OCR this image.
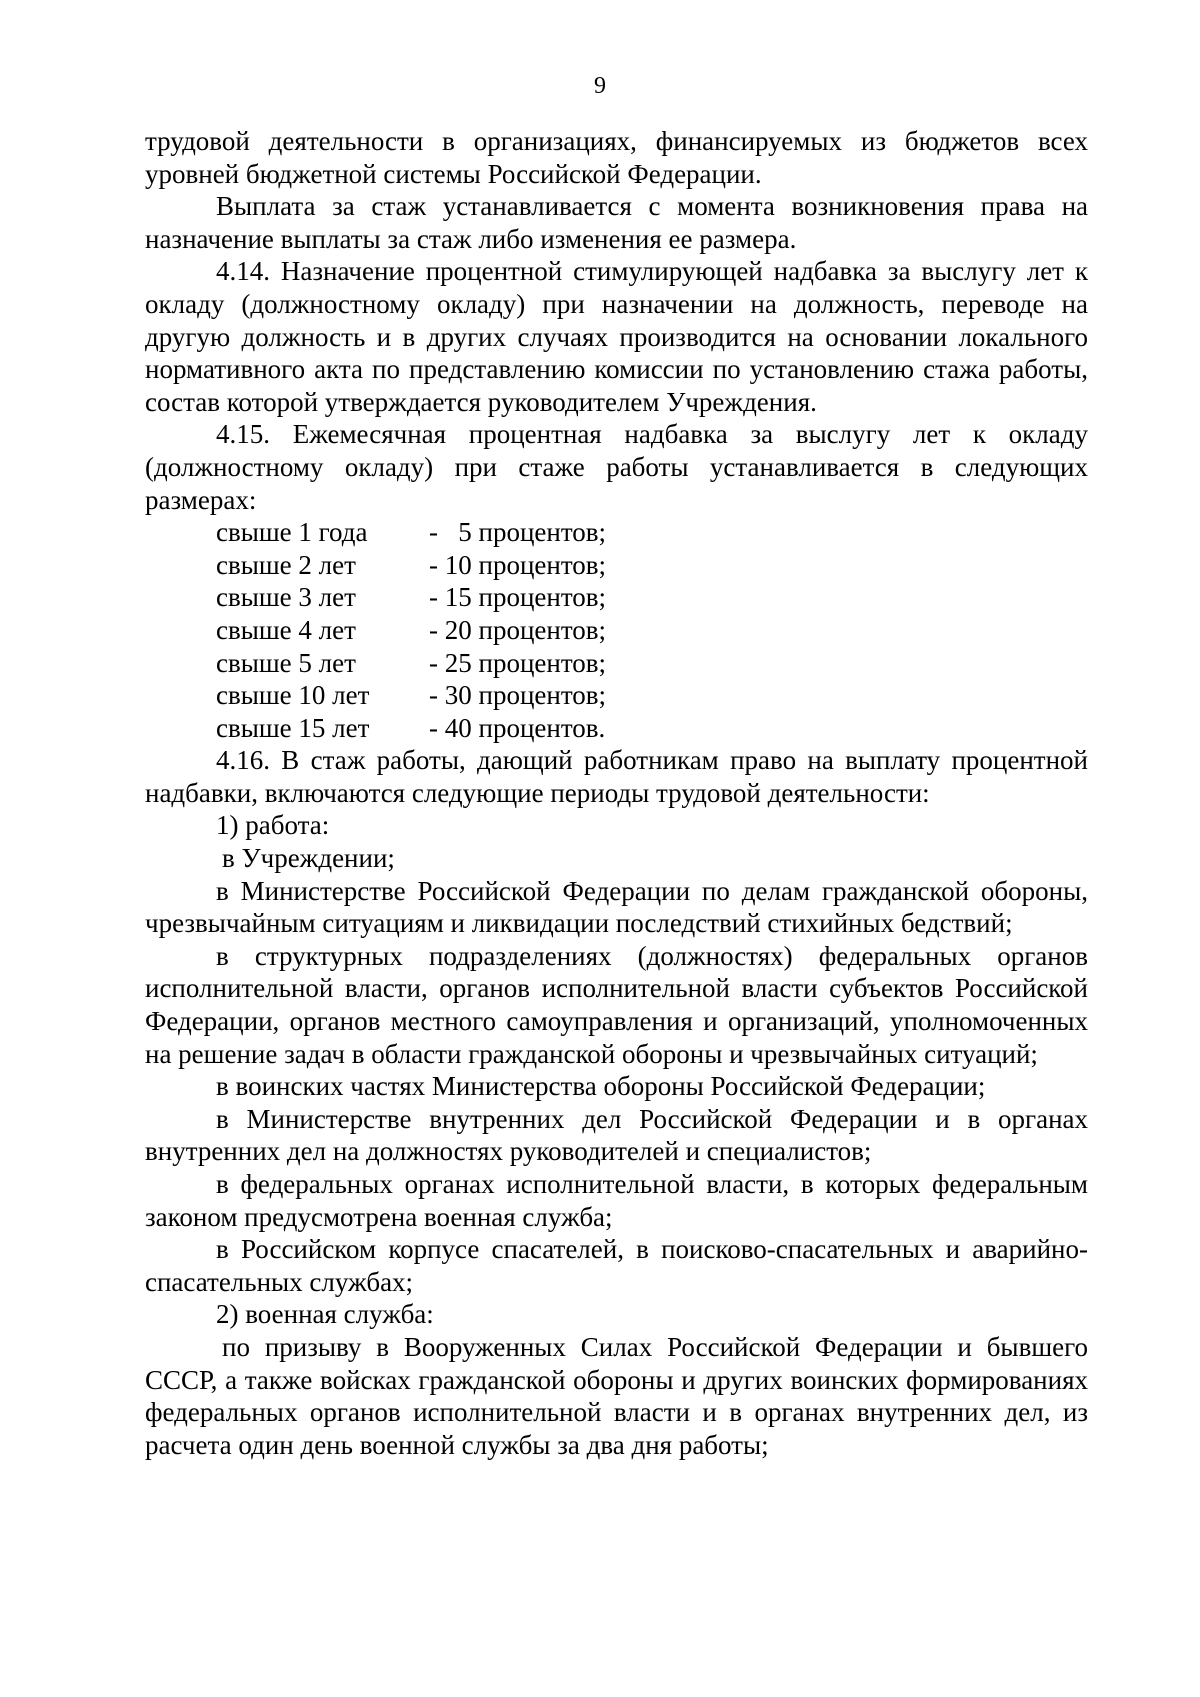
9

трудовой деятельности в организациях, финансируемых из бюджетов всех уровней бюджетной системы Российской Федерации.

Выплата за стаж устанавливается с момента возникновения права на назначение выплаты за стаж либо изменения ее размера.

4.14. Назначение процентной стимулирующей надбавка за выслугу лет к окладу (должностному окладу) при назначении на должность, переводе на другую должность и в других случаях производится на основании локального нормативного акта по представлению комиссии по установлению стажа работы, состав которой утверждается руководителем Учреждения.

4.15. Ежемесячная процентная надбавка за выслугу лет к окладу (должностному окладу) при стаже работы устанавливается в следующих размерах:

свыше 1 года -   5 процентов;
свыше 2 лет	- 10 процентов;
свыше 3 лет	- 15 процентов;
свыше 4 лет	- 20 процентов;
свыше 5 лет	- 25 процентов;
свыше 10 лет - 30 процентов;
свыше 15 лет - 40 процентов.

4.16. В стаж работы, дающий работникам право на выплату процентной надбавки, включаются следующие периоды трудовой деятельности:

1) работа:

в Учреждении;

в Министерстве Российской Федерации по делам гражданской обороны, чрезвычайным ситуациям и ликвидации последствий стихийных бедствий;

в структурных подразделениях (должностях) федеральных органов исполнительной власти, органов исполнительной власти субъектов Российской Федерации, органов местного самоуправления и организаций, уполномоченных на решение задач в области гражданской обороны и чрезвычайных ситуаций;

в воинских частях Министерства обороны Российской Федерации;

в Министерстве внутренних дел Российской Федерации и в органах внутренних дел на должностях руководителей и специалистов;

в федеральных органах исполнительной власти, в которых федеральным законом предусмотрена военная служба;

в Российском корпусе спасателей, в поисково-спасательных и аварийно-спасательных службах;

2) военная служба:

по призыву в Вооруженных Силах Российской Федерации и бывшего СССР, а также войсках гражданской обороны и других воинских формированиях федеральных органов исполнительной власти и в органах внутренних дел, из расчета один день военной службы за два дня работы;
